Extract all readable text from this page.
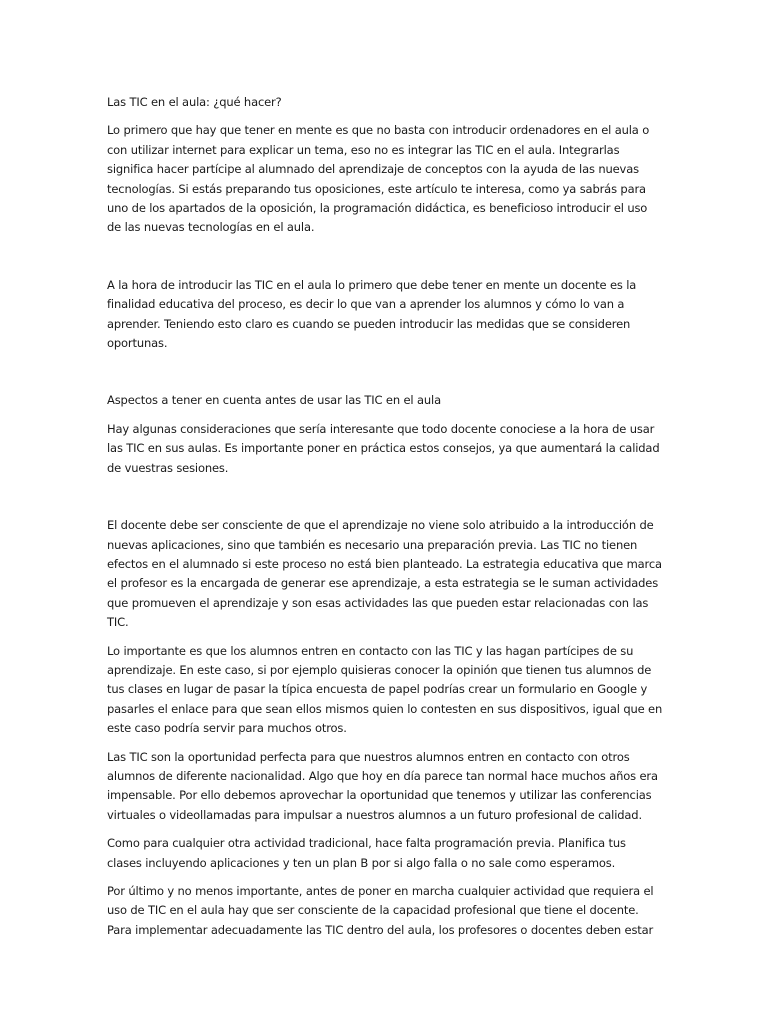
Las TIC en el aula: ¿qué hacer?

Lo primero que hay que tener en mente es que no basta con introducir ordenadores en el aula o con utilizar internet para explicar un tema, eso no es integrar las TIC en el aula. Integrarlas significa hacer partícipe al alumnado del aprendizaje de conceptos con la ayuda de las nuevas tecnologías. Si estás preparando tus oposiciones, este artículo te interesa, como ya sabrás para uno de los apartados de la oposición, la programación didáctica, es beneficioso introducir el uso de las nuevas tecnologías en el aula.

A la hora de introducir las TIC en el aula lo primero que debe tener en mente un docente es la finalidad educativa del proceso, es decir lo que van a aprender los alumnos y cómo lo van a aprender. Teniendo esto claro es cuando se pueden introducir las medidas que se consideren oportunas.

Aspectos a tener en cuenta antes de usar las TIC en el aula

Hay algunas consideraciones que sería interesante que todo docente conociese a la hora de usar las TIC en sus aulas. Es importante poner en práctica estos consejos, ya que aumentará la calidad de vuestras sesiones.

El docente debe ser consciente de que el aprendizaje no viene solo atribuido a la introducción de nuevas aplicaciones, sino que también es necesario una preparación previa. Las TIC no tienen efectos en el alumnado si este proceso no está bien planteado. La estrategia educativa que marca el profesor es la encargada de generar ese aprendizaje, a esta estrategia se le suman actividades que promueven el aprendizaje y son esas actividades las que pueden estar relacionadas con las TIC.

Lo importante es que los alumnos entren en contacto con las TIC y las hagan partícipes de su aprendizaje. En este caso, si por ejemplo quisieras conocer la opinión que tienen tus alumnos de tus clases en lugar de pasar la típica encuesta de papel podrías crear un formulario en Google y pasarles el enlace para que sean ellos mismos quien lo contesten en sus dispositivos, igual que en este caso podría servir para muchos otros.

Las TIC son la oportunidad perfecta para que nuestros alumnos entren en contacto con otros alumnos de diferente nacionalidad. Algo que hoy en día parece tan normal hace muchos años era impensable. Por ello debemos aprovechar la oportunidad que tenemos y utilizar las conferencias virtuales o videollamadas para impulsar a nuestros alumnos a un futuro profesional de calidad.

Como para cualquier otra actividad tradicional, hace falta programación previa. Planifica tus clases incluyendo aplicaciones y ten un plan B por si algo falla o no sale como esperamos.

Por último y no menos importante, antes de poner en marcha cualquier actividad que requiera el uso de TIC en el aula hay que ser consciente de la capacidad profesional que tiene el docente. Para implementar adecuadamente las TIC dentro del aula, los profesores o docentes deben estar
